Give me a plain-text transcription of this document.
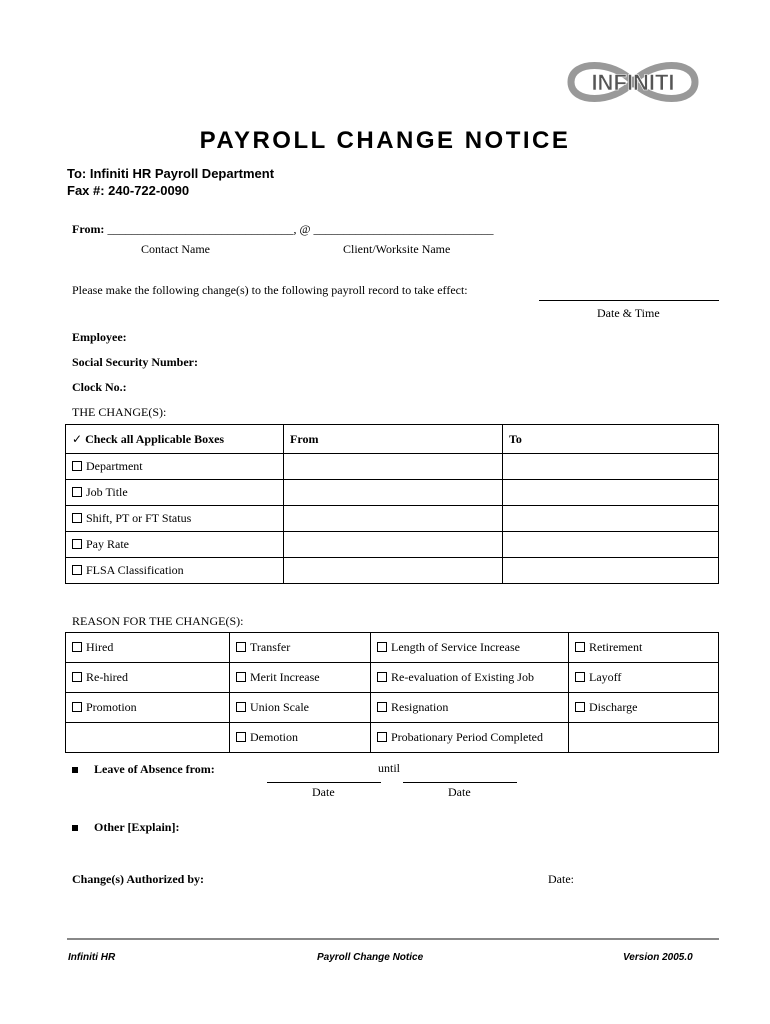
INFINITI
PAYROLL CHANGE NOTICE
To: Infiniti HR Payroll Department
Fax #: 240-722-0090
From: _______________________________, @ ______________________________
Contact Name	Client/Worksite Name
Please make the following change(s) to the following payroll record to take effect:
Date & Time
Employee:
Social Security Number:
Clock No.:
THE CHANGE(S):
✓ Check all Applicable Boxes	From	To
Department		
Job Title		
Shift, PT or FT Status		
Pay Rate		
FLSA Classification		
REASON FOR THE CHANGE(S):
Hired	Transfer	Length of Service Increase	Retirement
Re-hired	Merit Increase	Re-evaluation of Existing Job	Layoff
Promotion	Union Scale	Resignation	Discharge
	Demotion	Probationary Period Completed	
Leave of Absence from:	until
Date	Date
Other [Explain]:
Change(s) Authorized by:	Date:
Infiniti HR	Payroll Change Notice	Version 2005.0
